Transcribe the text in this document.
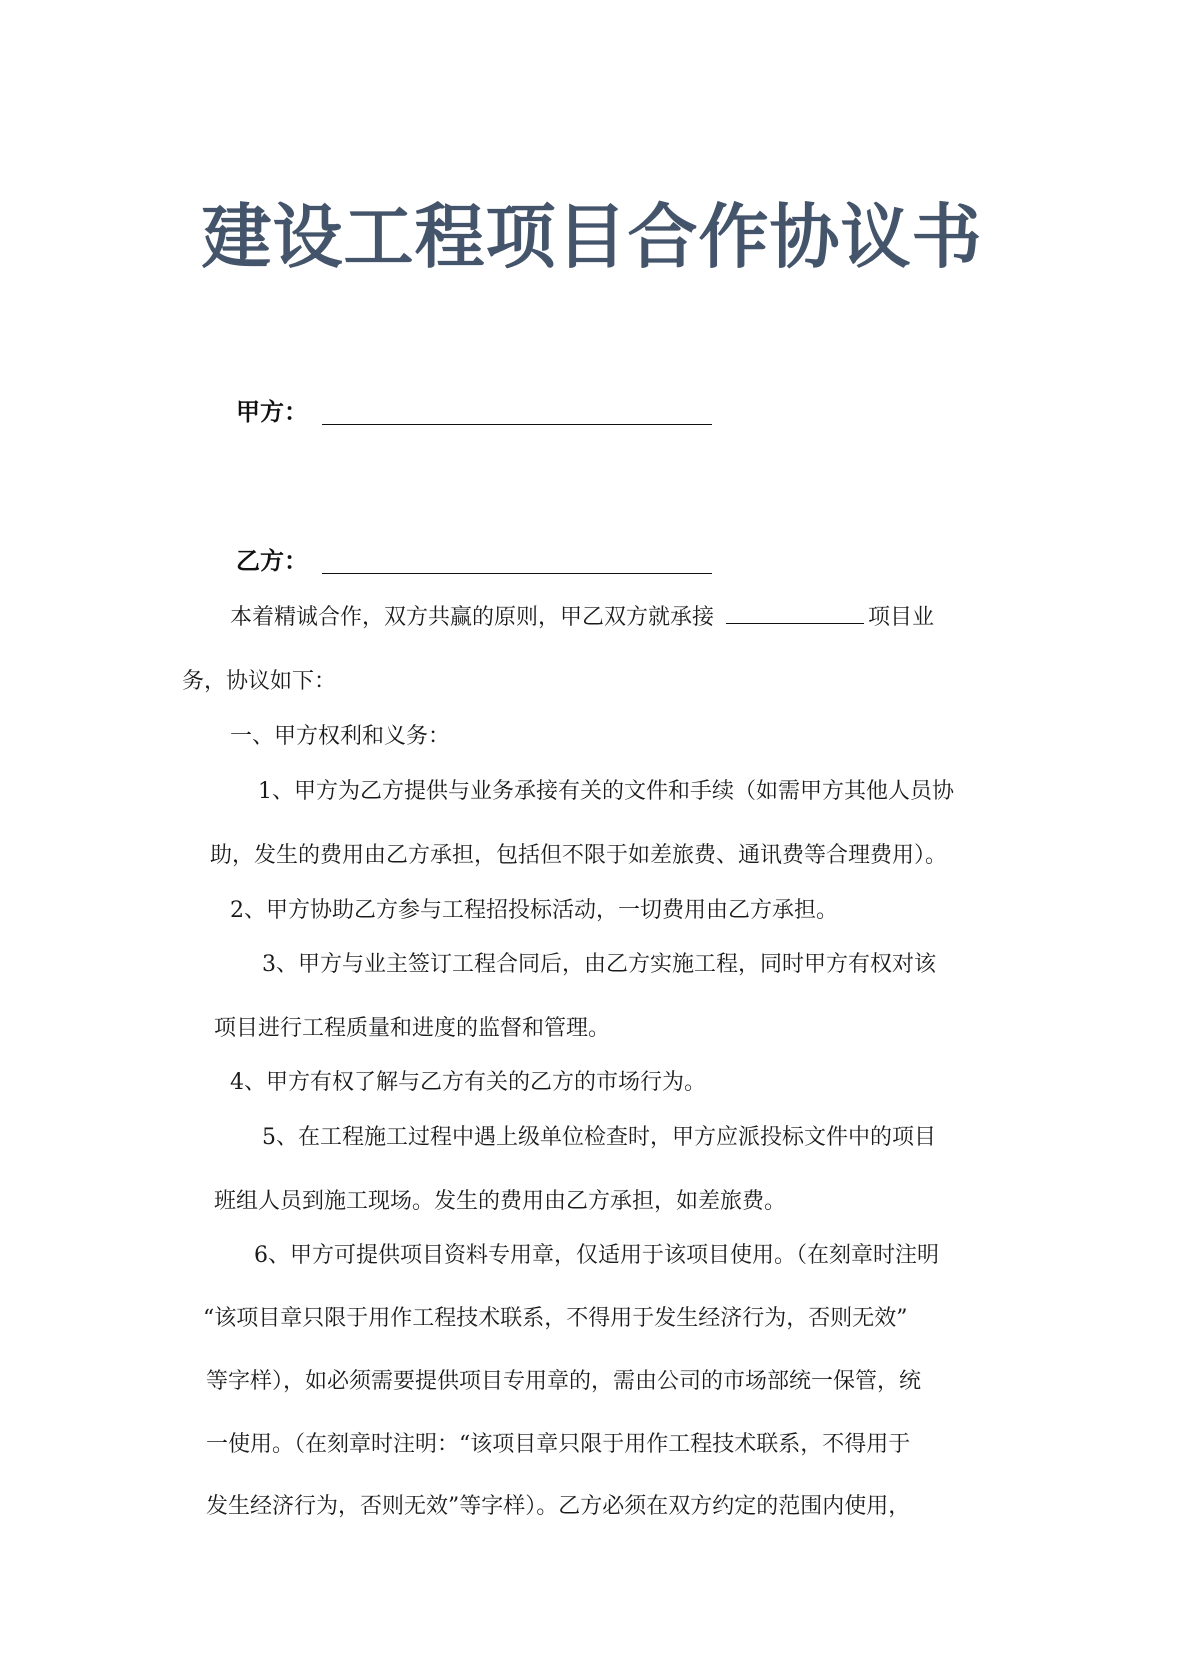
建设工程项目合作协议书
甲方：
乙方：
本着精诚合作，双方共赢的原则，甲乙双方就承接	项目业
务，协议如下：
一、甲方权利和义务：
1、甲方为乙方提供与业务承接有关的文件和手续（如需甲方其他人员协
助，发生的费用由乙方承担，包括但不限于如差旅费、通讯费等合理费用）。
2、甲方协助乙方参与工程招投标活动，一切费用由乙方承担。
3、甲方与业主签订工程合同后，由乙方实施工程，同时甲方有权对该
项目进行工程质量和进度的监督和管理。
4、甲方有权了解与乙方有关的乙方的市场行为。
5、在工程施工过程中遇上级单位检查时，甲方应派投标文件中的项目
班组人员到施工现场。发生的费用由乙方承担，如差旅费。
6、甲方可提供项目资料专用章，仅适用于该项目使用。（在刻章时注明
“该项目章只限于用作工程技术联系，不得用于发生经济行为，否则无效”
等字样），如必须需要提供项目专用章的，需由公司的市场部统一保管，统
一使用。（在刻章时注明：“该项目章只限于用作工程技术联系，不得用于
发生经济行为，否则无效”等字样）。乙方必须在双方约定的范围内使用，
